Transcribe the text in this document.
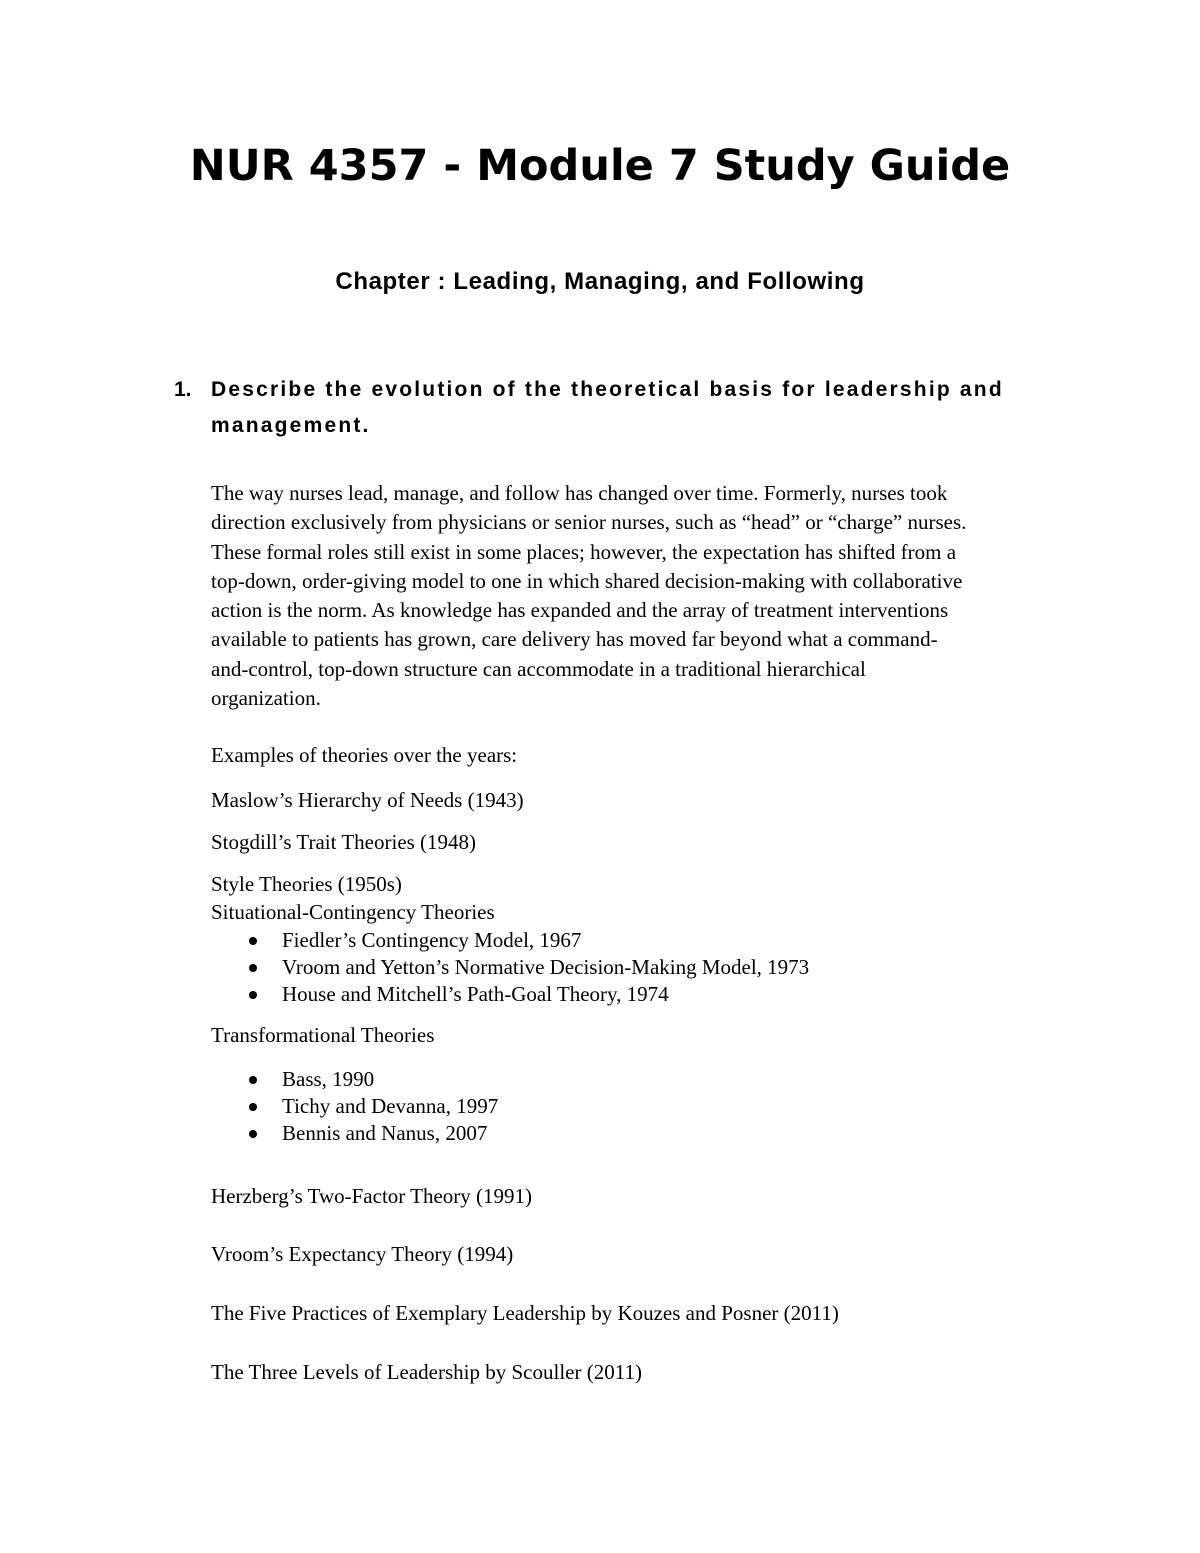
NUR 4357 - Module 7 Study Guide
Chapter : Leading, Managing, and Following
1. Describe the evolution of the theoretical basis for leadership and management.
The way nurses lead, manage, and follow has changed over time. Formerly, nurses took
direction exclusively from physicians or senior nurses, such as “head” or “charge” nurses.
These formal roles still exist in some places; however, the expectation has shifted from a
top-down, order-giving model to one in which shared decision-making with collaborative
action is the norm. As knowledge has expanded and the array of treatment interventions
available to patients has grown, care delivery has moved far beyond what a command-
and-control, top-down structure can accommodate in a traditional hierarchical
organization.
Examples of theories over the years:
Maslow’s Hierarchy of Needs (1943)
Stogdill’s Trait Theories (1948)
Style Theories (1950s)
Situational-Contingency Theories
Fiedler’s Contingency Model, 1967
Vroom and Yetton’s Normative Decision-Making Model, 1973
House and Mitchell’s Path-Goal Theory, 1974
Transformational Theories
Bass, 1990
Tichy and Devanna, 1997
Bennis and Nanus, 2007
Herzberg’s Two-Factor Theory (1991)
Vroom’s Expectancy Theory (1994)
The Five Practices of Exemplary Leadership by Kouzes and Posner (2011)
The Three Levels of Leadership by Scouller (2011)
